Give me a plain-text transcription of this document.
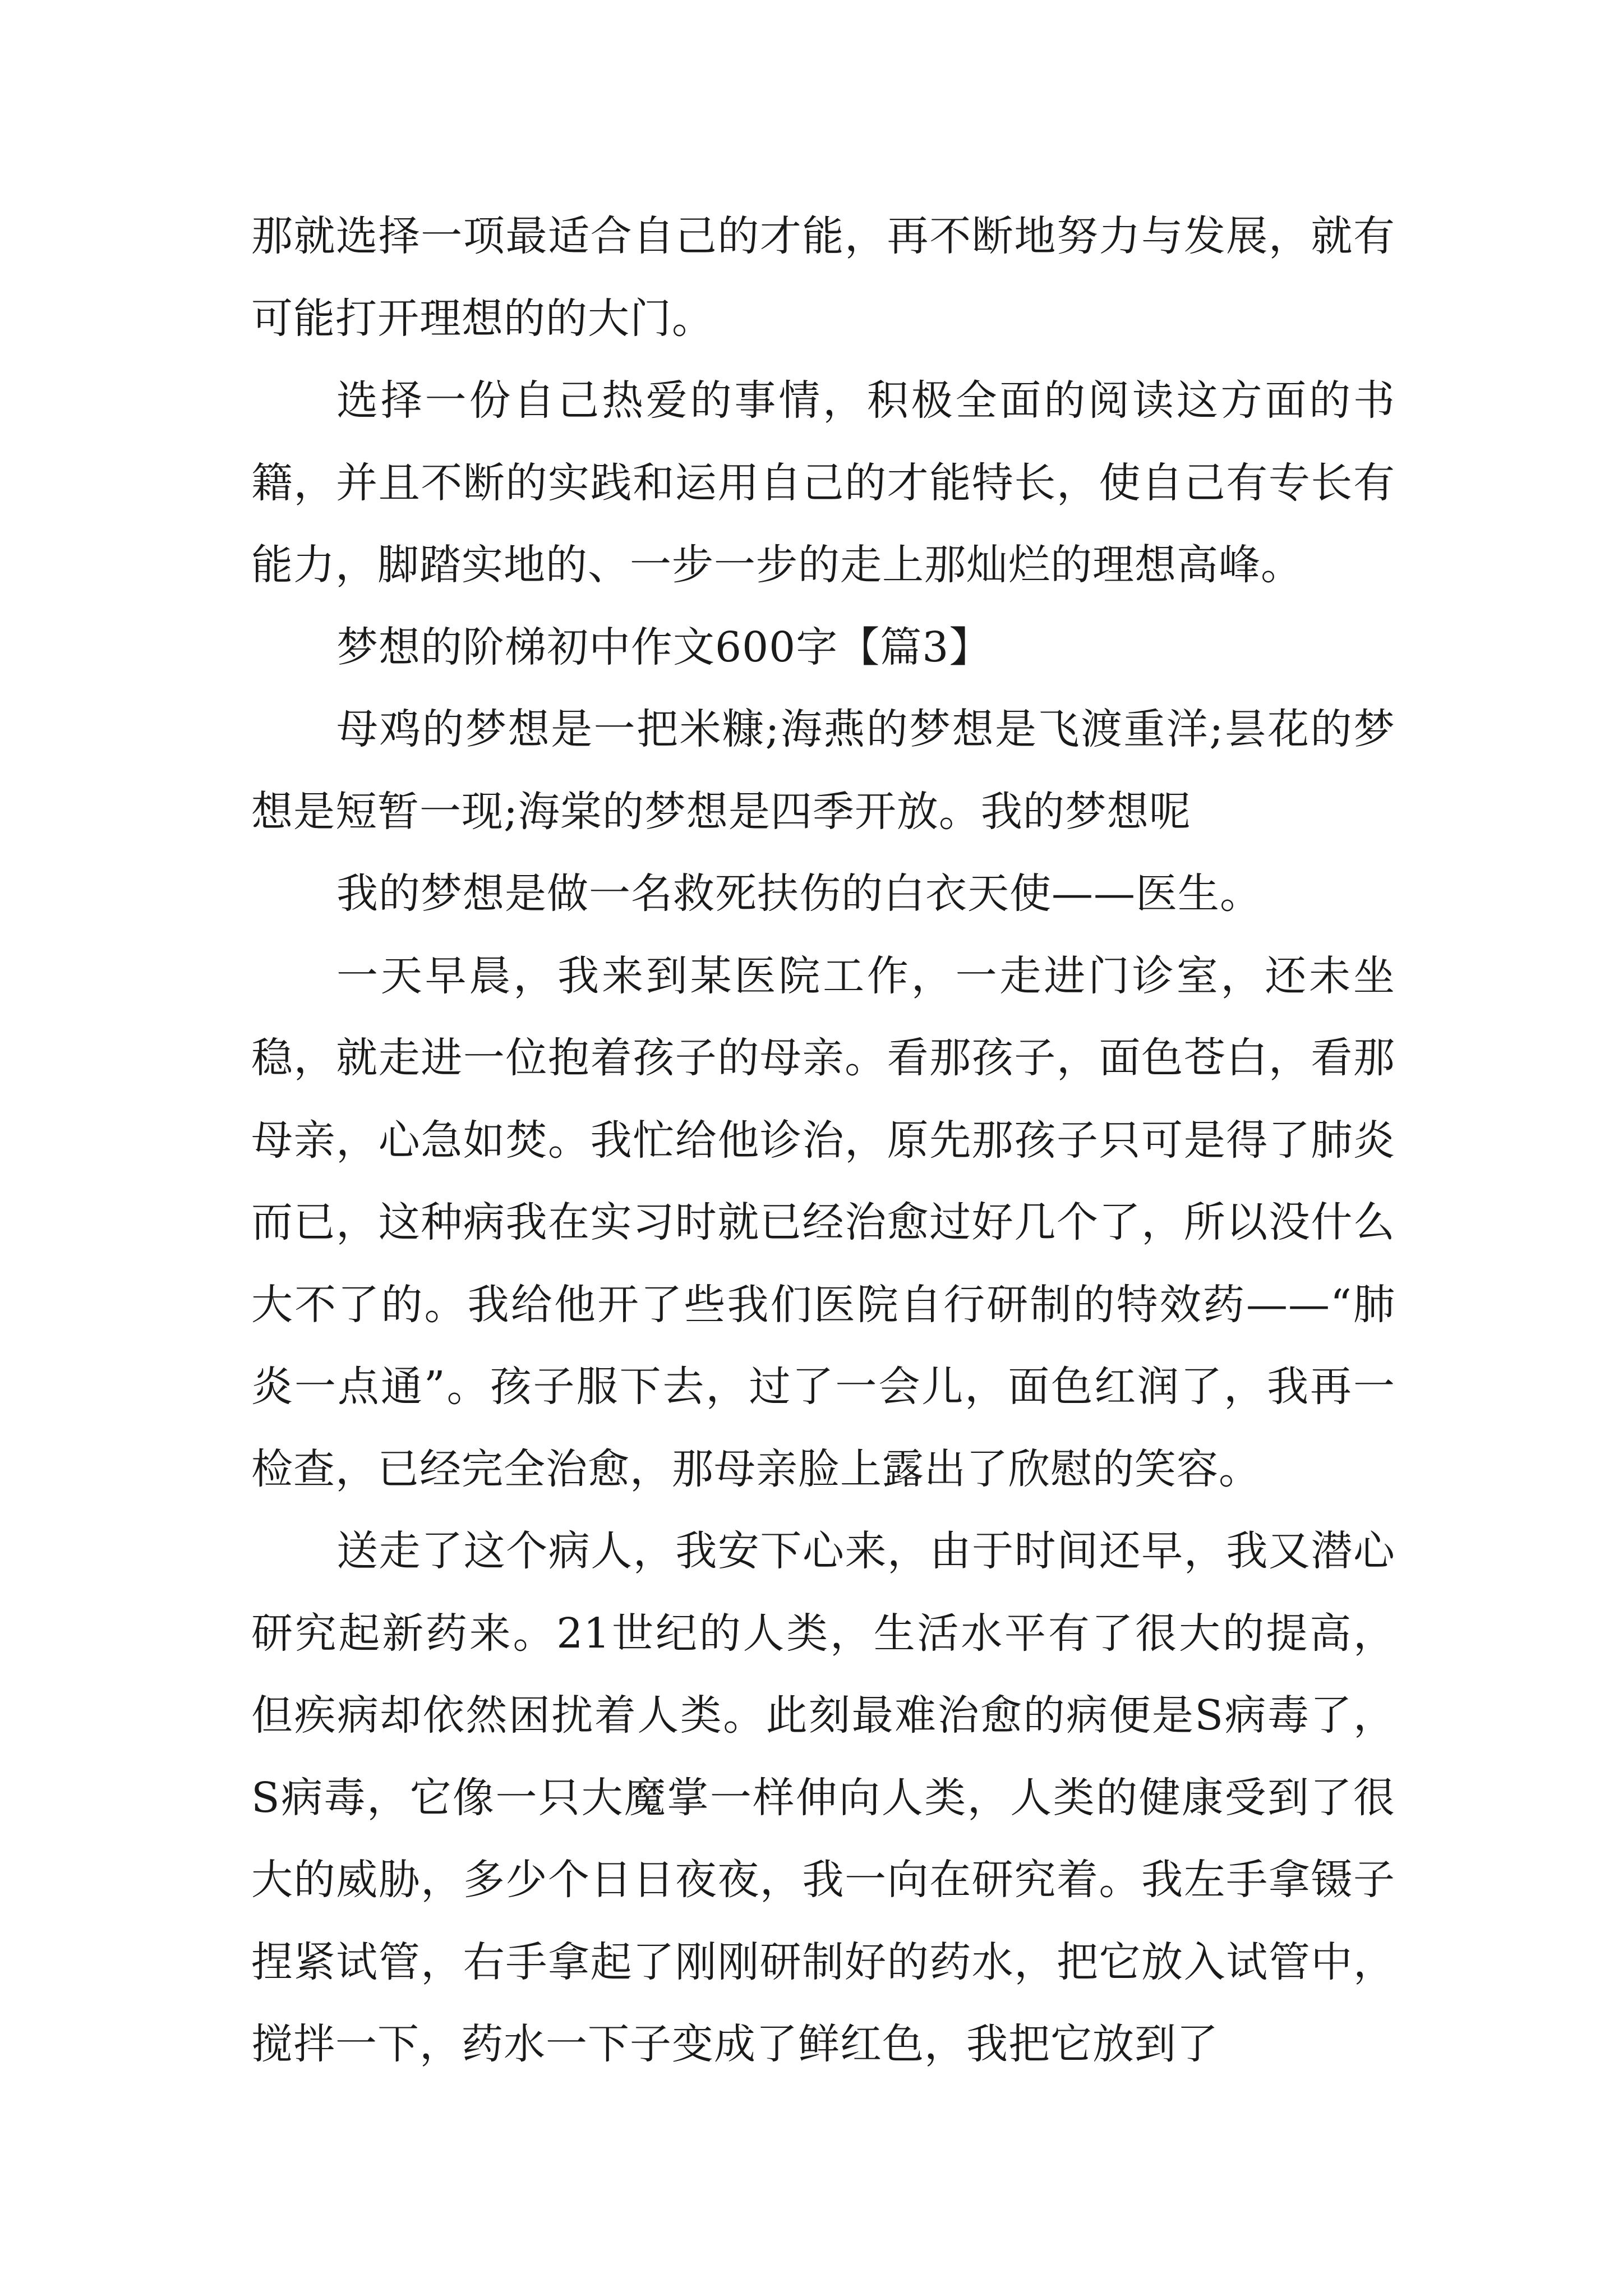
那就选择一项最适合自己的才能，再不断地努力与发展，就有可能打开理想的的大门。

选择一份自己热爱的事情，积极全面的阅读这方面的书籍，并且不断的实践和运用自己的才能特长，使自己有专长有能力，脚踏实地的、一步一步的走上那灿烂的理想高峰。

梦想的阶梯初中作文600字【篇3】

母鸡的梦想是一把米糠;海燕的梦想是飞渡重洋;昙花的梦想是短暂一现;海棠的梦想是四季开放。我的梦想呢

我的梦想是做一名救死扶伤的白衣天使——医生。

一天早晨，我来到某医院工作，一走进门诊室，还未坐稳，就走进一位抱着孩子的母亲。看那孩子，面色苍白，看那母亲，心急如焚。我忙给他诊治，原先那孩子只可是得了肺炎而已，这种病我在实习时就已经治愈过好几个了，所以没什么大不了的。我给他开了些我们医院自行研制的特效药——“肺炎一点通”。孩子服下去，过了一会儿，面色红润了，我再一检查，已经完全治愈，那母亲脸上露出了欣慰的笑容。

送走了这个病人，我安下心来，由于时间还早，我又潜心研究起新药来。21世纪的人类，生活水平有了很大的提高，但疾病却依然困扰着人类。此刻最难治愈的病便是S病毒了，S病毒，它像一只大魔掌一样伸向人类，人类的健康受到了很大的威胁，多少个日日夜夜，我一向在研究着。我左手拿镊子捏紧试管，右手拿起了刚刚研制好的药水，把它放入试管中，搅拌一下，药水一下子变成了鲜红色，我把它放到了
